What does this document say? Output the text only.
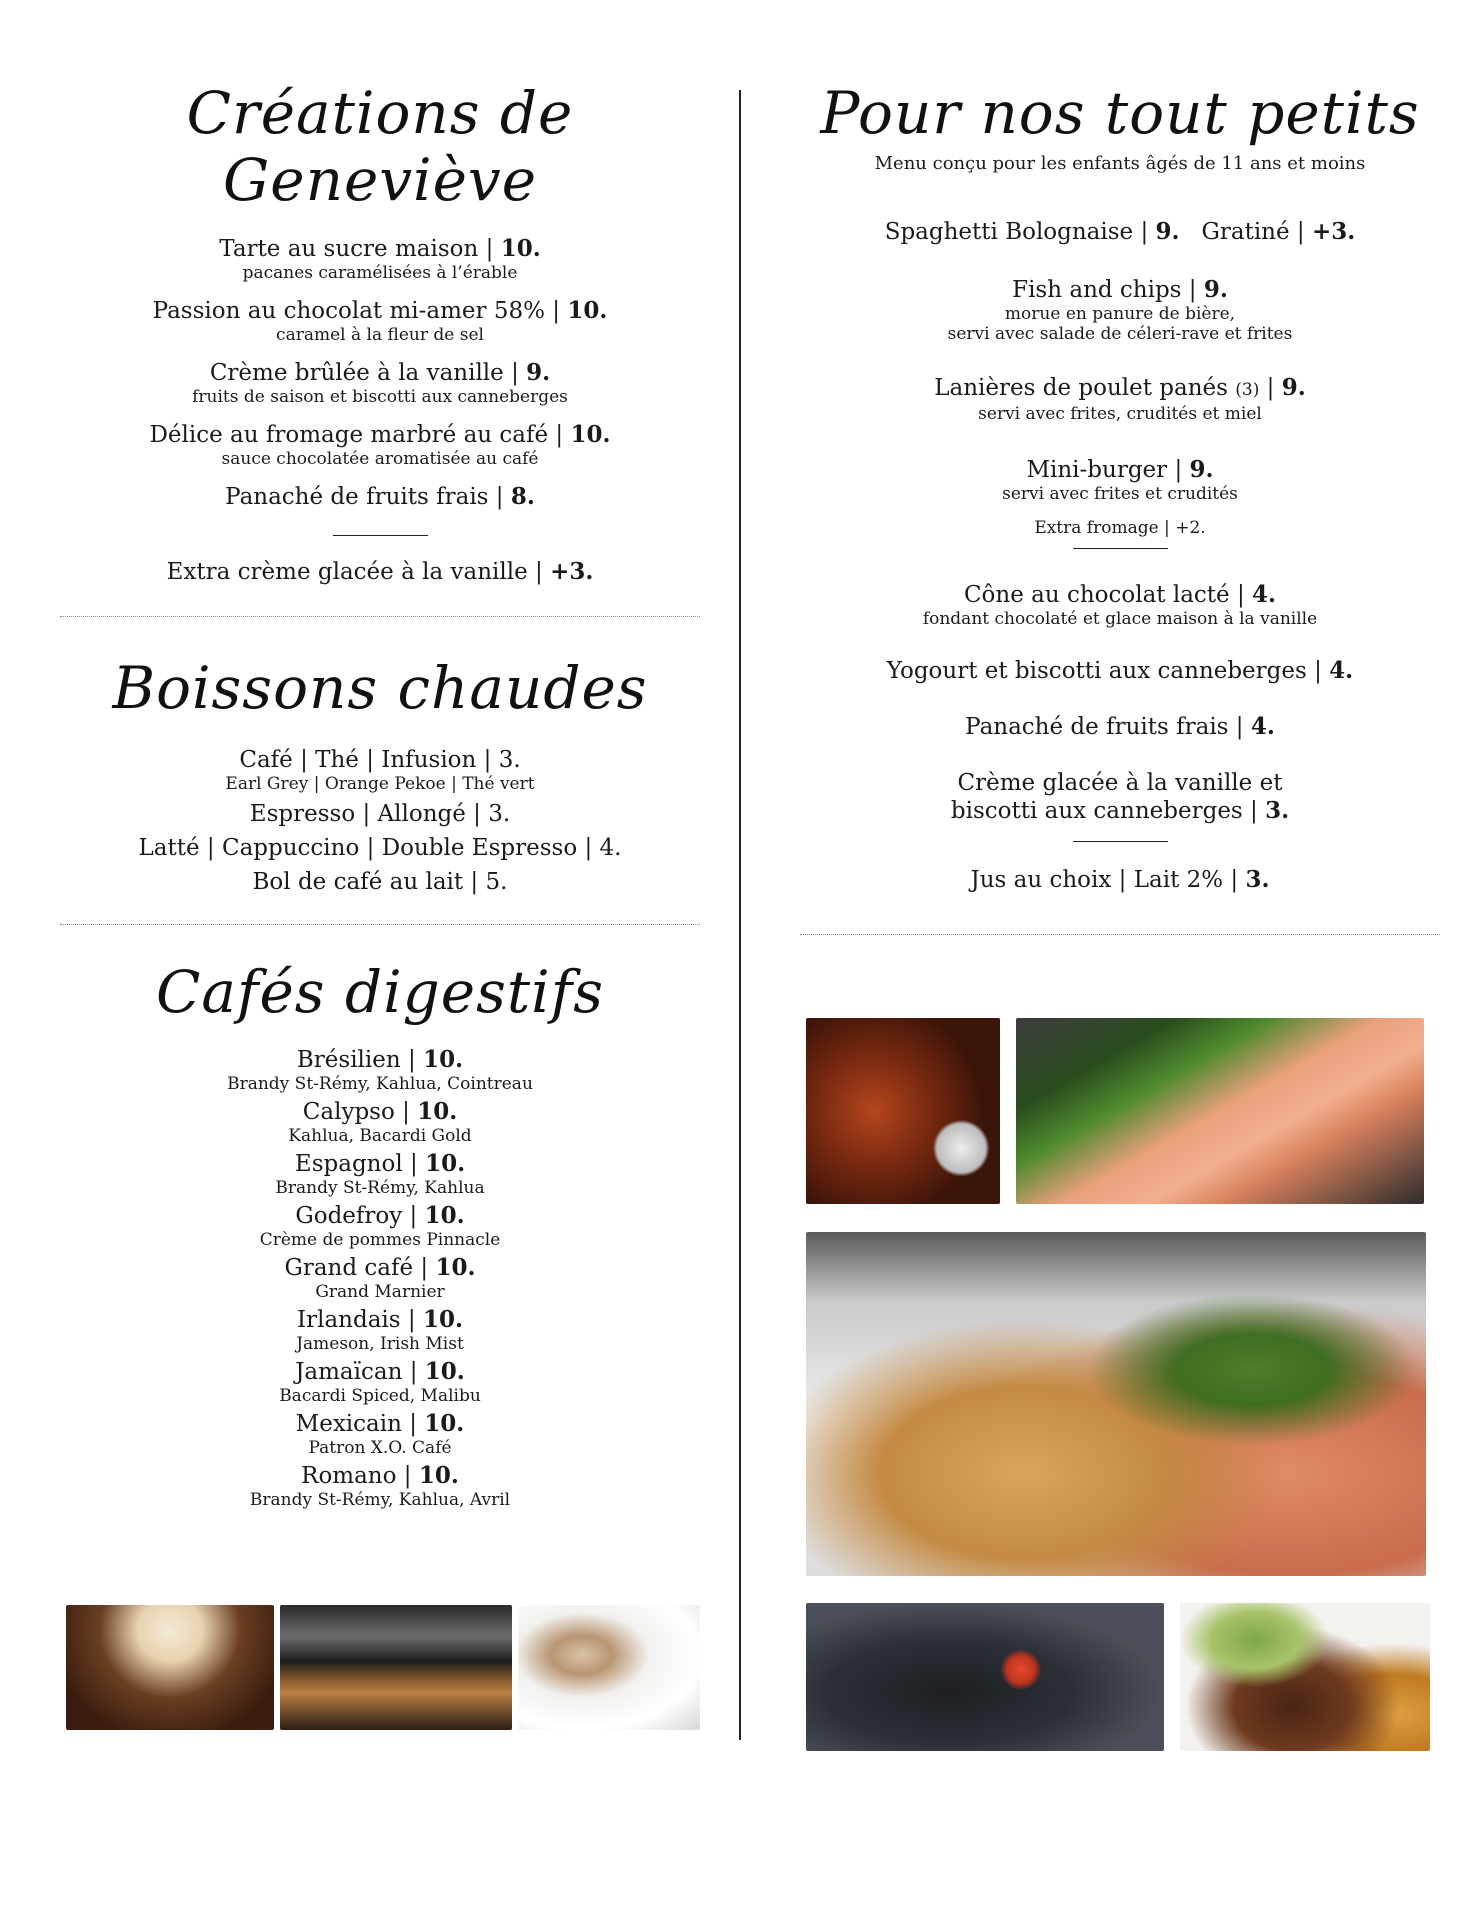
Créations de Geneviève
Tarte au sucre maison | 10.
pacanes caramélisées à l’érable
Passion au chocolat mi-amer 58% | 10.
caramel à la fleur de sel
Crème brûlée à la vanille | 9.
fruits de saison et biscotti aux canneberges
Délice au fromage marbré au café | 10.
sauce chocolatée aromatisée au café
Panaché de fruits frais | 8.
Extra crème glacée à la vanille | +3.
Boissons chaudes
Café | Thé | Infusion | 3.
Earl Grey | Orange Pekoe | Thé vert
Espresso | Allongé | 3.
Latté | Cappuccino | Double Espresso | 4.
Bol de café au lait | 5.
Cafés digestifs
Brésilien | 10.
Brandy St-Rémy, Kahlua, Cointreau
Calypso | 10.
Kahlua, Bacardi Gold
Espagnol | 10.
Brandy St-Rémy, Kahlua
Godefroy | 10.
Crème de pommes Pinnacle
Grand café | 10.
Grand Marnier
Irlandais | 10.
Jameson, Irish Mist
Jamaïcan | 10.
Bacardi Spiced, Malibu
Mexicain | 10.
Patron X.O. Café
Romano | 10.
Brandy St-Rémy, Kahlua, Avril
Pour nos tout petits
Menu conçu pour les enfants âgés de 11 ans et moins
Spaghetti Bolognaise | 9. Gratiné | +3.
Fish and chips | 9.
morue en panure de bière,
servi avec salade de céleri-rave et frites
Lanières de poulet panés (3) | 9.
servi avec frites, crudités et miel
Mini-burger | 9.
servi avec frites et crudités
Extra fromage | +2.
Cône au chocolat lacté | 4.
fondant chocolaté et glace maison à la vanille
Yogourt et biscotti aux canneberges | 4.
Panaché de fruits frais | 4.
Crème glacée à la vanille et
biscotti aux canneberges | 3.
Jus au choix | Lait 2% | 3.
